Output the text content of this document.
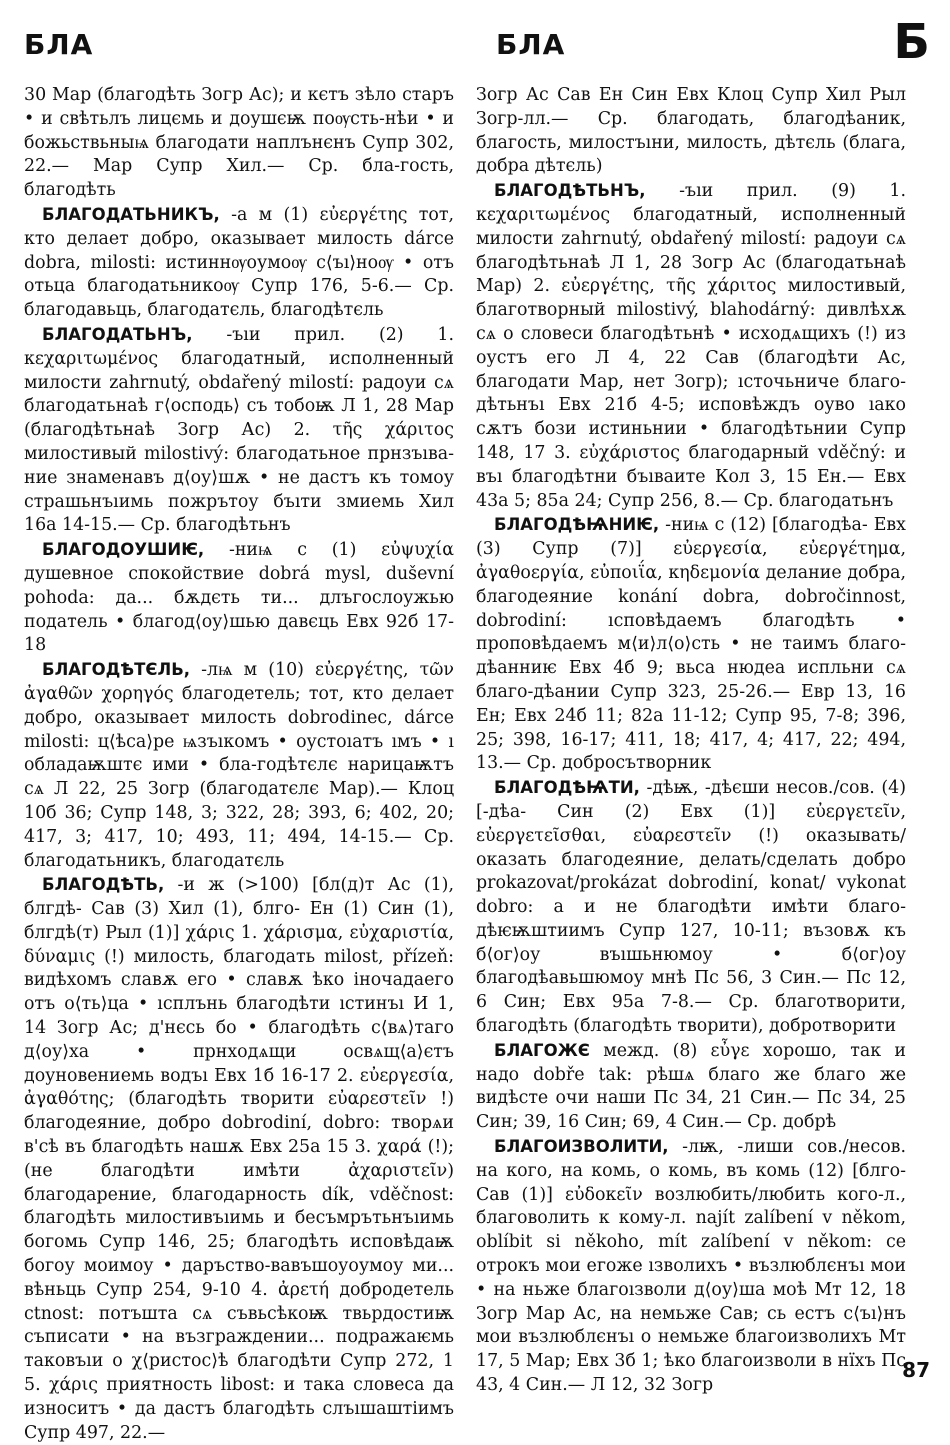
БЛА	БЛА	Б

30 Мар (благодѣть Зогр Ас); и кєтъ зѣло старъ • и свѣтьлъ лицємь и доушєѭ поѹсть-нѣи • и божьствьныѩ благодати наплънєнъ Супр 302, 22.— Мар Супр Хил.— Ср. бла-гость, благодѣть

БЛАГОДАТЬНИКЪ, -а м (1) εὐεργέτης тот, кто делает добро, оказывает милость dárce dobra, milosti: истиннѹоумоѹ с⟨ъı⟩ноѹ • отъ отьца благодатьникоѹ Супр 176, 5-6.— Ср. благодавьць, благодатєль, благодѣтєль

БЛАГОДАТЬНЪ, -ъıи прил. (2) 1. κεχαριτωμένος благодатный, исполненный милости zahrnutý, obdařený milostí: радоуи сѧ благодатьнаѣ г⟨осподь⟩ съ тобоѭ Л 1, 28 Мар (благодѣтьнаѣ Зогр Ас) 2. τῆς χάριτος милостивый milostivý: благодатьное прнзъıва-ние знаменавъ д⟨оу⟩шѫ • не дастъ къ томоу страшьнъıимь пожрътоу бъıти змиемь Хил 16а 14-15.— Ср. благодѣтьнъ

БЛАГОДОУШИѤ, -ниѩ с (1) εὐψυχία душевное спокойствие dobrá mysl, duševní pohoda: да... бѫдєть ти... длъгослоужью податель • благод⟨оу⟩шью давєць Евх 92б 17-18

БЛАГОДѢТЄЛЬ, -лѩ м (10) εὐεργέτης, τῶν ἀγαθῶν χορηγός благодетель; тот, кто делает добро, оказывает милость dobrodinec, dárce milosti: ц⟨ѣса⟩ре ѩзъıкомъ • оустоıатъ ıмъ • ı обладаѭштє ими • бла-годѣтєлє нарицаѭтъ сѧ Л 22, 25 Зогр (благодатєлє Мар).— Клоц 10б 36; Супр 148, 3; 322, 28; 393, 6; 402, 20; 417, 3; 417, 10; 493, 11; 494, 14-15.— Ср. благодатьникъ, благодатєль

БЛАГОДѢТЬ, -и ж (>100) [бл(д)т Ас (1), блгдѣ- Сав (3) Хил (1), блго- Ен (1) Син (1), блгдѣ(т) Рыл (1)] χάρις 1. χάρισμα, εὐχαριστία, δύναμις (!) милость, благодать milost, přízeň: видѣхомъ славѫ его • славѫ ѣко іночадаего отъ о⟨ть⟩ца • ıсплънь благодѣти ıстинъı И 1, 14 Зогр Ас; д'нєсь бо • благодѣть с⟨вѧ⟩таго д⟨оу⟩ха • прнходѧщи освѧщ⟨а⟩єтъ доуновениемь водъı Евх 1б 16-17 2. εὐεργεσία, ἀγαθότης; (благодѣть творити εὐαρεστεῖν !) благодеяние, добро dobrodiní, dobro: творѧи в'сѣ въ благодѣть нашѫ Евх 25а 15 3. χαρά (!); (не благодѣти имѣти ἀχαριστεῖν) благодарение, благодарность dík, vděčnost: благодѣть милостивъıимь и бесъмрътьнъıимь богомь Супр 146, 25; благодѣть исповѣдаѭ богоу моимоу • даръство-вавъшоуоумоу ми... вѣньць Супр 254, 9-10 4. ἀρετή добродетель ctnost: потъшта сѧ съвьсѣкоѭ твьрдостиѭ съписати • на възграждении... подражаѥмь таковъıи о χ⟨ристос⟩ѣ благодѣти Супр 272, 1 5. χάρις приятность libost: и така словеса да износитъ • да дастъ благодѣть слъıшаштіимъ Супр 497, 22.—

Зогр Ас Сав Ен Син Евх Клоц Супр Хил Рыл Зогр-лл.— Ср. благодать, благодѣаник, благость, милостъıни, милость, дѣтєль (блага, добра дѣтєль)

БЛАГОДѢТЬНЪ, -ъıи прил. (9) 1. κεχαριτωμένος благодатный, исполненный милости zahrnutý, obdařený milostí: радоуи сѧ благодѣтьнаѣ Л 1, 28 Зогр Ас (благодатьнаѣ Мар) 2. εὐεργέτης, τῆς χάριτος милостивый, благотворный milostivý, blahodárný: дивлѣхѫ сѧ о словеси благодѣтьнѣ • исходѧщихъ (!) из оустъ его Л 4, 22 Сав (благодѣти Ас, благодати Мар, нет Зогр); ıсточьниче благо-дѣтьнъı Евх 21б 4-5; исповѣждъ оуво ıако сѫтъ бози истиньнии • благодѣтьнии Супр 148, 17 3. εὐχάριστος благодарный vděčný: и въı благодѣтни бъıваите Кол 3, 15 Ен.— Евх 43а 5; 85а 24; Супр 256, 8.— Ср. благодатьнъ

БЛАГОДѢѨНИѤ, -ниѩ с (12) [благодѣа- Евх (3) Супр (7)] εὐεργεσία, εὐεργέτημα, ἀγαθοεργία, εὐποιΐα, κηδεμονία делание добра, благодеяние konání dobra, dobročinnost, dobrodiní: ıсповѣдаемъ благодѣть • проповѣдаемъ м⟨и⟩л⟨о⟩сть • не таимъ благо-дѣанниѥ Евх 4б 9; вьса нюдеа испльни сѧ благо-дѣании Супр 323, 25-26.— Евр 13, 16 Ен; Евх 24б 11; 82а 11-12; Супр 95, 7-8; 396, 25; 398, 16-17; 411, 18; 417, 4; 417, 22; 494, 13.— Ср. добросътворник

БЛАГОДѢѨТИ, -дѣѭ, -дѣєши несов./сов. (4) [-дѣа- Син (2) Евх (1)] εὐεργετεῖν, εὐεργετεῖσθαι, εὐαρεστεῖν (!) оказывать/ оказать благодеяние, делать/сделать добро prokazovat/prokázat dobrodiní, konat/ vykonat dobro: а и не благодѣти имѣти благо-дѣѥѭштиимъ Супр 127, 10-11; възовѫ къ б⟨ог⟩оу въıшьнюмоу • б⟨ог⟩оу благодѣавьшюмоу мнѣ Пс 56, 3 Син.— Пс 12, 6 Син; Евх 95а 7-8.— Ср. благотворити, благодѣть (благодѣть творити), добротворити

БЛАГОЖЄ межд. (8) εὖγε хорошо, так и надо dobře tak: рѣшѧ благо же благо же видѣсте очи наши Пс 34, 21 Син.— Пс 34, 25 Син; 39, 16 Син; 69, 4 Син.— Ср. добрѣ

БЛАГОИЗВОЛИТИ, -лѭ, -лиши сов./несов. на кого, на комь, о комь, въ комь (12) [блго- Сав (1)] εὐδοκεῖν возлюбить/любить кого-л., благоволить к кому-л. najít zalíbení v někom, oblíbit si někoho, mít zalíbení v někom: се отрокъ мои егоже ıзволихъ • възлюблєнъı мои • на ньже благоıзволи д⟨оу⟩ша моѣ Мт 12, 18 Зогр Мар Ас, на немьже Сав; сь естъ с⟨ъı⟩нъ мои възлюблєнъı о немьже благоизволихъ Мт 17, 5 Мар; Евх 3б 1; ѣко благоизволи в нїхъ Пс 43, 4 Син.— Л 12, 32 Зогр

87
